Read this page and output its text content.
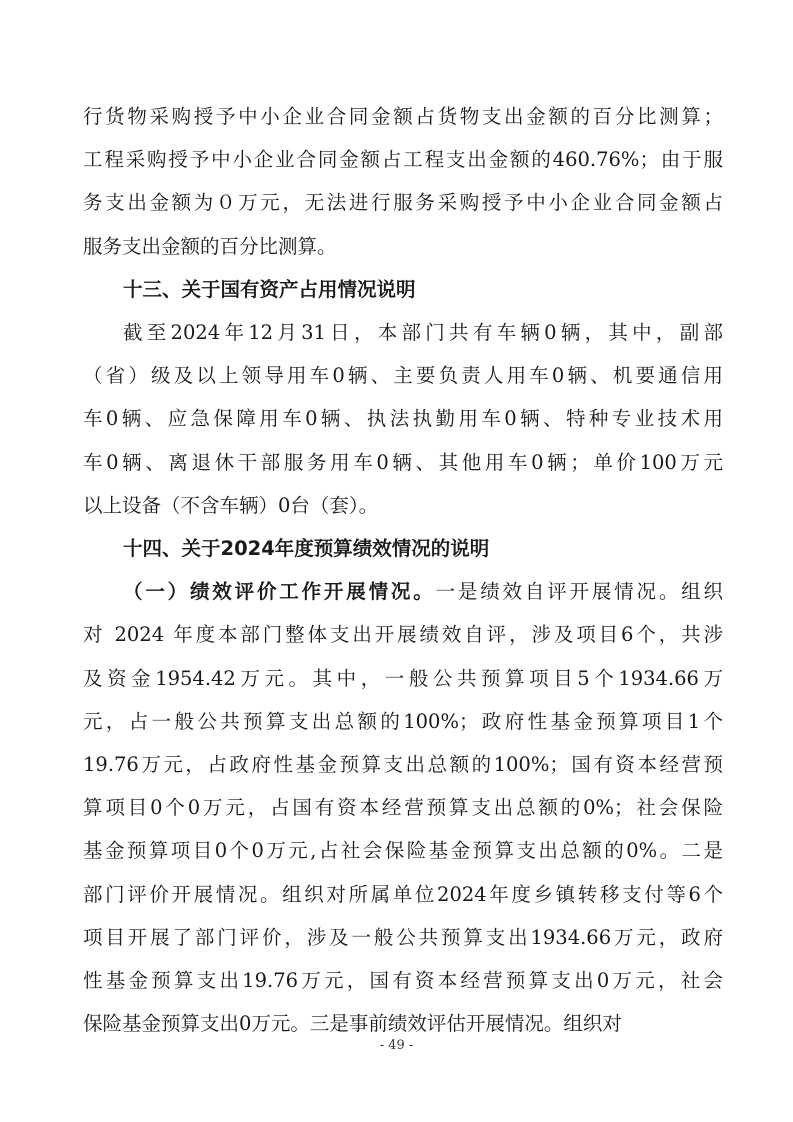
行货物采购授予中小企业合同金额占货物支出金额的百分比测算；
工程采购授予中小企业合同金额占工程支出金额的460.76%；由于服
务支出金额为０万元，无法进行服务采购授予中小企业合同金额占
服务支出金额的百分比测算。
十三、关于国有资产占用情况说明
截至2024年12月31日，本部门共有车辆0辆，其中，副部
（省）级及以上领导用车0辆、主要负责人用车0辆、机要通信用
车0辆、应急保障用车0辆、执法执勤用车0辆、特种专业技术用
车0辆、离退休干部服务用车0辆、其他用车0辆；单价100万元
以上设备（不含车辆）0台（套）。
十四、关于2024年度预算绩效情况的说明
（一）绩效评价工作开展情况。一是绩效自评开展情况。组织
对 2024 年度本部门整体支出开展绩效自评，涉及项目6个，共涉
及资金1954.42万元。其中，一般公共预算项目5个1934.66万
元，占一般公共预算支出总额的100%；政府性基金预算项目1个
19.76万元，占政府性基金预算支出总额的100%；国有资本经营预
算项目0个0万元，占国有资本经营预算支出总额的0%；社会保险
基金预算项目0个0万元,占社会保险基金预算支出总额的0%。二是
部门评价开展情况。组织对所属单位2024年度乡镇转移支付等6个
项目开展了部门评价，涉及一般公共预算支出1934.66万元，政府
性基金预算支出19.76万元，国有资本经营预算支出0万元，社会
保险基金预算支出0万元。三是事前绩效评估开展情况。组织对
- 49 -
